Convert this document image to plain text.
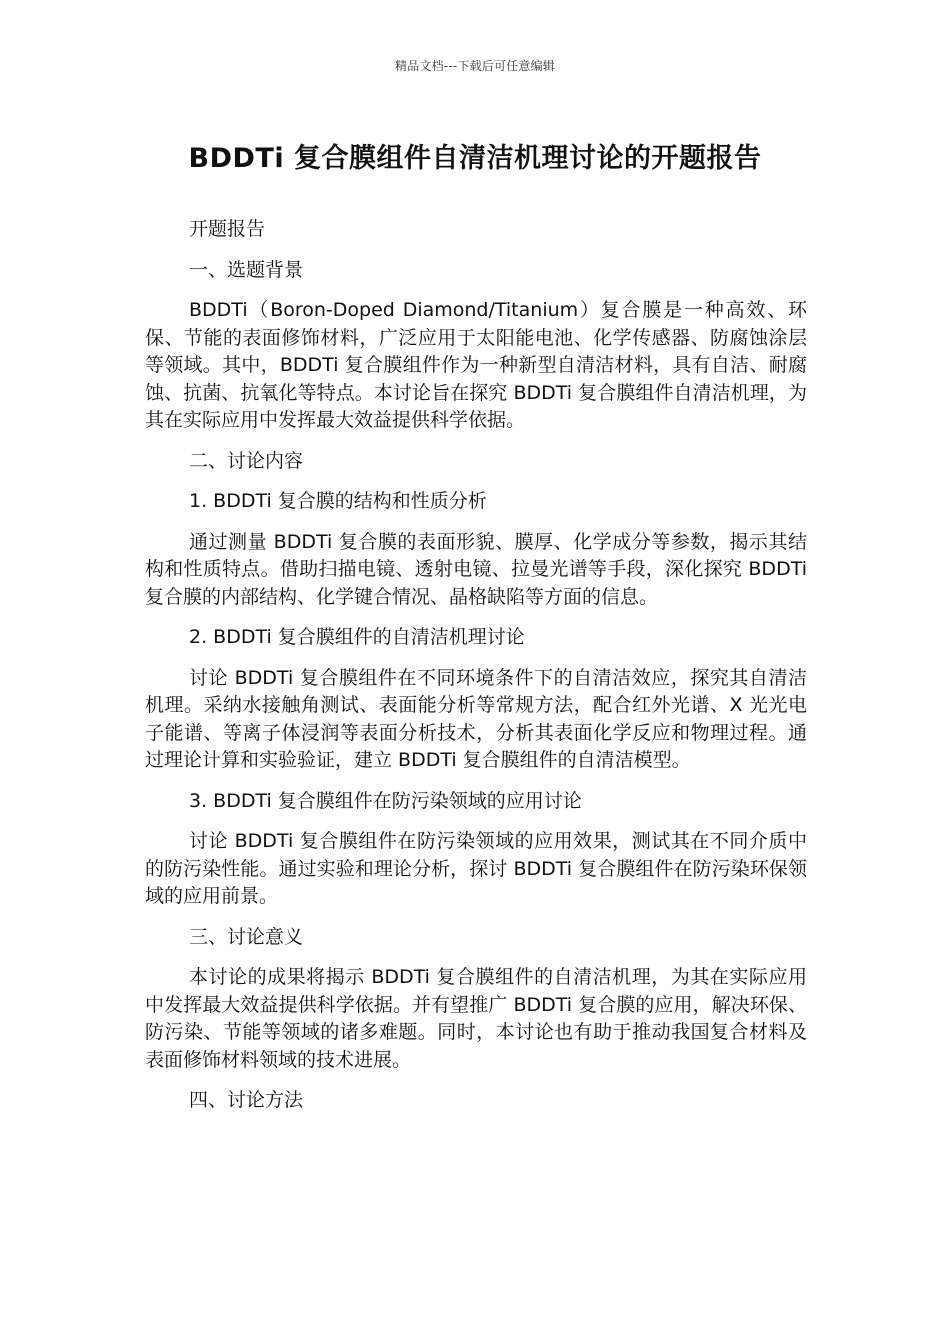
精品文档---下载后可任意编辑
BDDTi 复合膜组件自清洁机理讨论的开题报告

开题报告

一、选题背景

BDDTi（Boron-Doped Diamond/Titanium）复合膜是一种高效、环保、节能的表面修饰材料，广泛应用于太阳能电池、化学传感器、防腐蚀涂层等领域。其中，BDDTi 复合膜组件作为一种新型自清洁材料，具有自洁、耐腐蚀、抗菌、抗氧化等特点。本讨论旨在探究 BDDTi 复合膜组件自清洁机理，为其在实际应用中发挥最大效益提供科学依据。

二、讨论内容

1. BDDTi 复合膜的结构和性质分析

通过测量 BDDTi 复合膜的表面形貌、膜厚、化学成分等参数，揭示其结构和性质特点。借助扫描电镜、透射电镜、拉曼光谱等手段，深化探究 BDDTi 复合膜的内部结构、化学键合情况、晶格缺陷等方面的信息。

2. BDDTi 复合膜组件的自清洁机理讨论

讨论 BDDTi 复合膜组件在不同环境条件下的自清洁效应，探究其自清洁机理。采纳水接触角测试、表面能分析等常规方法，配合红外光谱、X 光光电子能谱、等离子体浸润等表面分析技术，分析其表面化学反应和物理过程。通过理论计算和实验验证，建立 BDDTi 复合膜组件的自清洁模型。

3. BDDTi 复合膜组件在防污染领域的应用讨论

讨论 BDDTi 复合膜组件在防污染领域的应用效果，测试其在不同介质中的防污染性能。通过实验和理论分析，探讨 BDDTi 复合膜组件在防污染环保领域的应用前景。

三、讨论意义

本讨论的成果将揭示 BDDTi 复合膜组件的自清洁机理，为其在实际应用中发挥最大效益提供科学依据。并有望推广 BDDTi 复合膜的应用，解决环保、防污染、节能等领域的诸多难题。同时，本讨论也有助于推动我国复合材料及表面修饰材料领域的技术进展。

四、讨论方法
